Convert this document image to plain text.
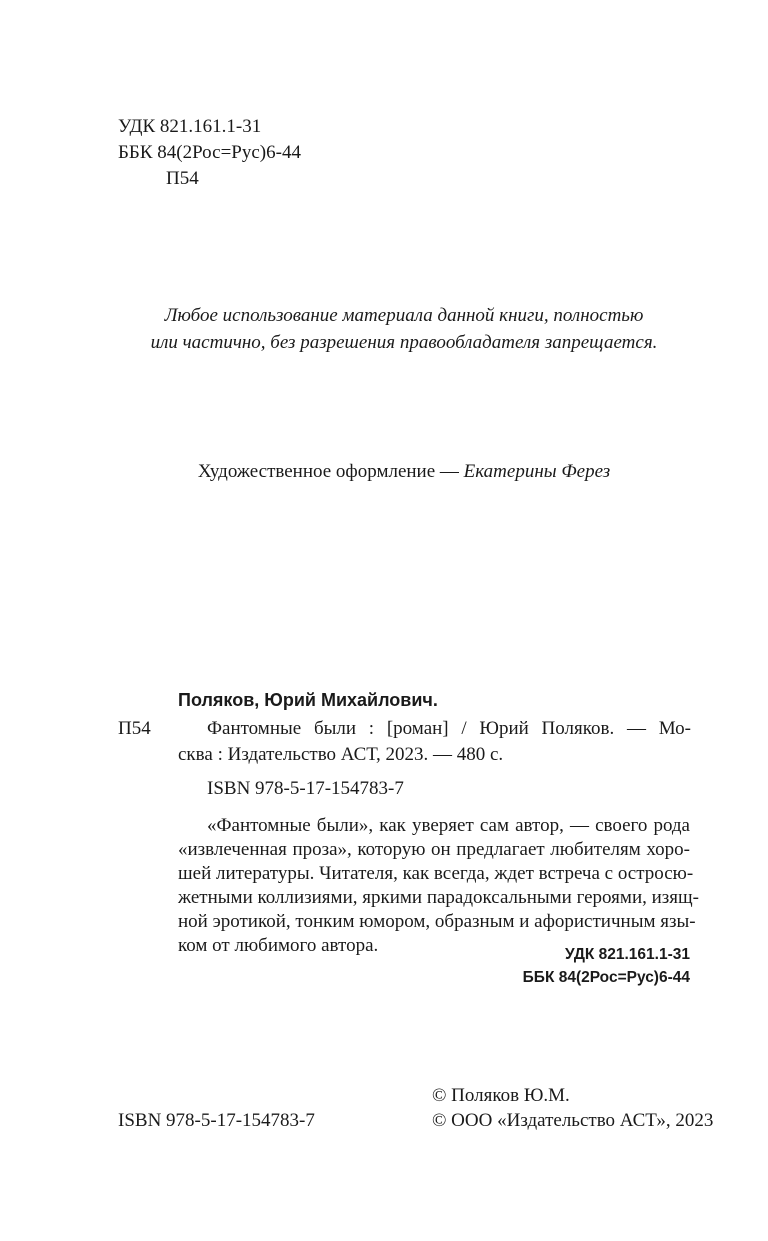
УДК 821.161.1-31
ББК 84(2Рос=Рус)6-44
П54
Любое использование материала данной книги, полностью
или частично, без разрешения правообладателя запрещается.
Художественное оформление — Екатерины Ферез
Поляков, Юрий Михайлович.
П54	Фантомные были : [роман] / Юрий Поляков. — Мо-
сква : Издательство АСТ, 2023. — 480 с.
ISBN 978-5-17-154783-7
«Фантомные были», как уверяет сам автор, — своего рода
«извлеченная проза», которую он предлагает любителям хоро-
шей литературы. Читателя, как всегда, ждет встреча с остросю-
жетными коллизиями, яркими парадоксальными героями, изящ-
ной эротикой, тонким юмором, образным и афористичным язы-
ком от любимого автора.	УДК 821.161.1-31
ББК 84(2Рос=Рус)6-44
© Поляков Ю.М.
© ООО «Издательство АСТ», 2023
ISBN 978-5-17-154783-7
